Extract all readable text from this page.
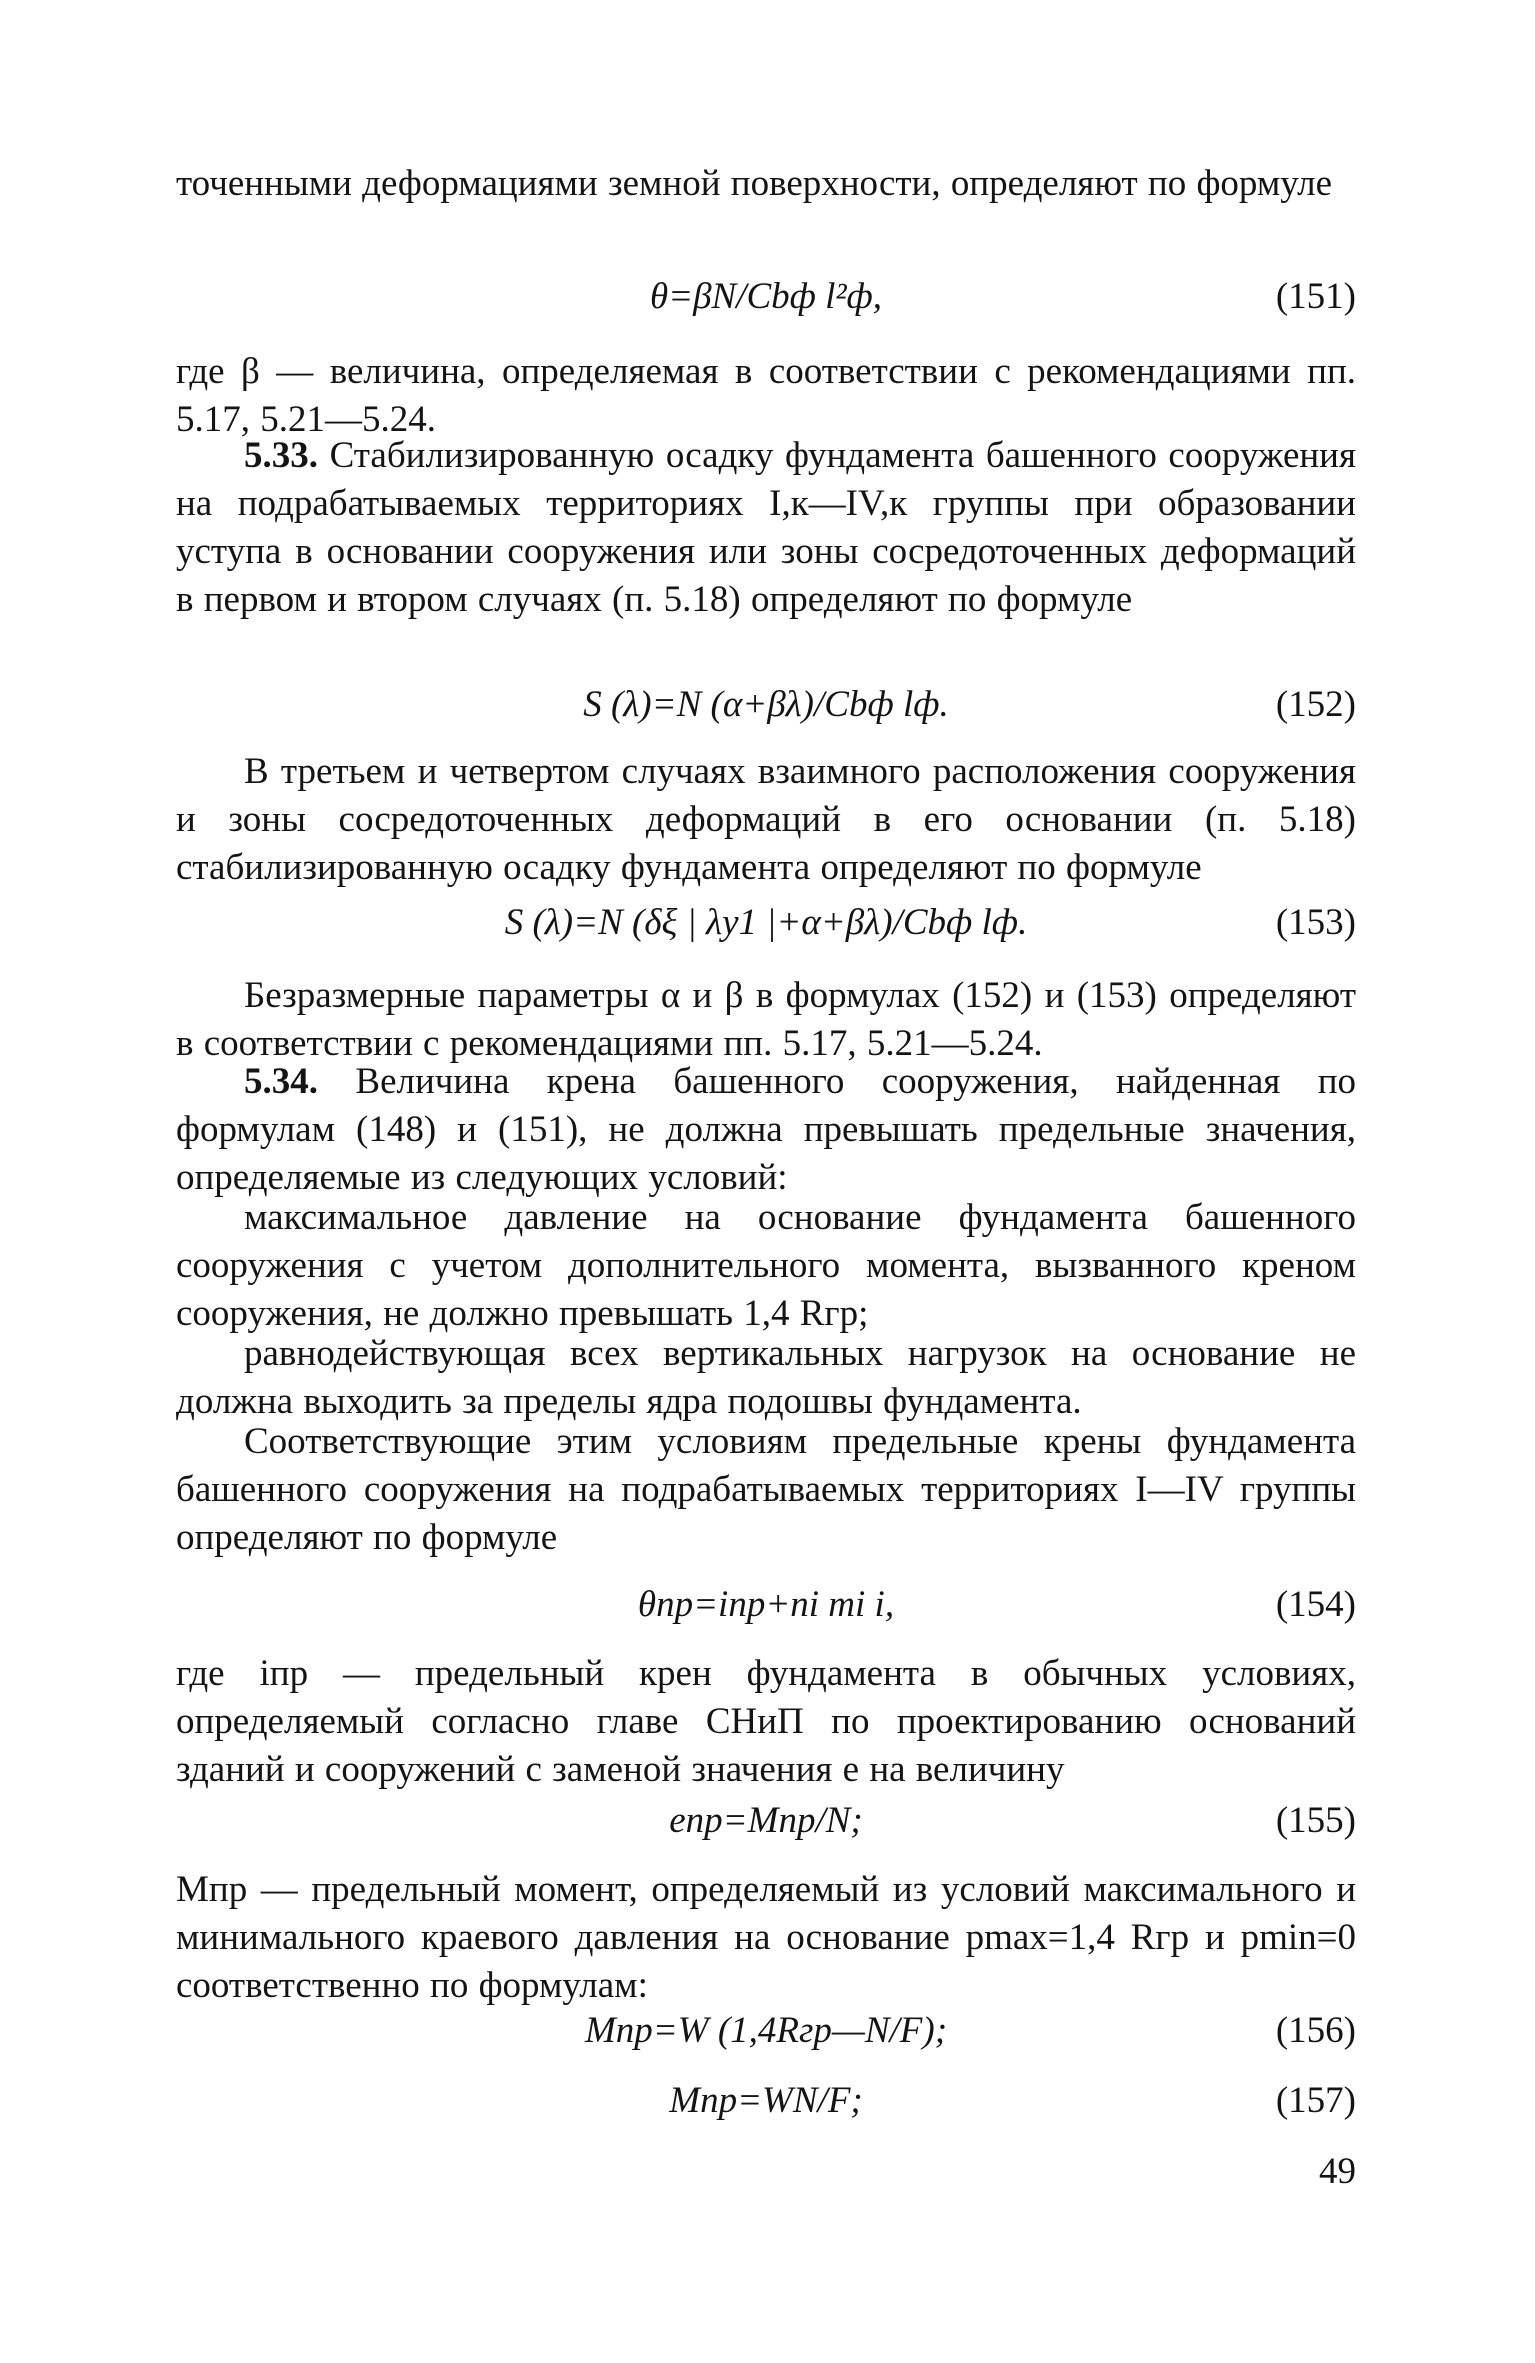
точенными деформациями земной поверхности, определяют по формуле
θ=βN/Cbф l²ф,	(151)
где β — величина, определяемая в соответствии с рекомендациями пп. 5.17, 5.21—5.24.
5.33. Стабилизированную осадку фундамента башенного сооружения на подрабатываемых территориях I,к—IV,к группы при образовании уступа в основании сооружения или зоны сосредоточенных деформаций в первом и втором случаях (п. 5.18) определяют по формуле
S (λ)=N (α+βλ)/Cbф lф.	(152)
В третьем и четвертом случаях взаимного расположения сооружения и зоны сосредоточенных деформаций в его основании (п. 5.18) стабилизированную осадку фундамента определяют по формуле
S (λ)=N (δξ | λу1 |+α+βλ)/Cbф lф.	(153)
Безразмерные параметры α и β в формулах (152) и (153) определяют в соответствии с рекомендациями пп. 5.17, 5.21—5.24.
5.34. Величина крена башенного сооружения, найденная по формулам (148) и (151), не должна превышать предельные значения, определяемые из следующих условий:
максимальное давление на основание фундамента башенного сооружения с учетом дополнительного момента, вызванного креном сооружения, не должно превышать 1,4 Rгр;
равнодействующая всех вертикальных нагрузок на основание не должна выходить за пределы ядра подошвы фундамента.
Соответствующие этим условиям предельные крены фундамента башенного сооружения на подрабатываемых территориях I—IV группы определяют по формуле
θпр=iпр+ni mi i,	(154)
где iпр — предельный крен фундамента в обычных условиях, определяемый согласно главе СНиП по проектированию оснований зданий и сооружений с заменой значения e на величину
eпр=Mпр/N;	(155)
Mпр — предельный момент, определяемый из условий максимального и минимального краевого давления на основание pmax=1,4 Rгр и pmin=0 соответственно по формулам:
Mпр=W (1,4Rгр—N/F);	(156)
Mпр=WN/F;	(157)
49
